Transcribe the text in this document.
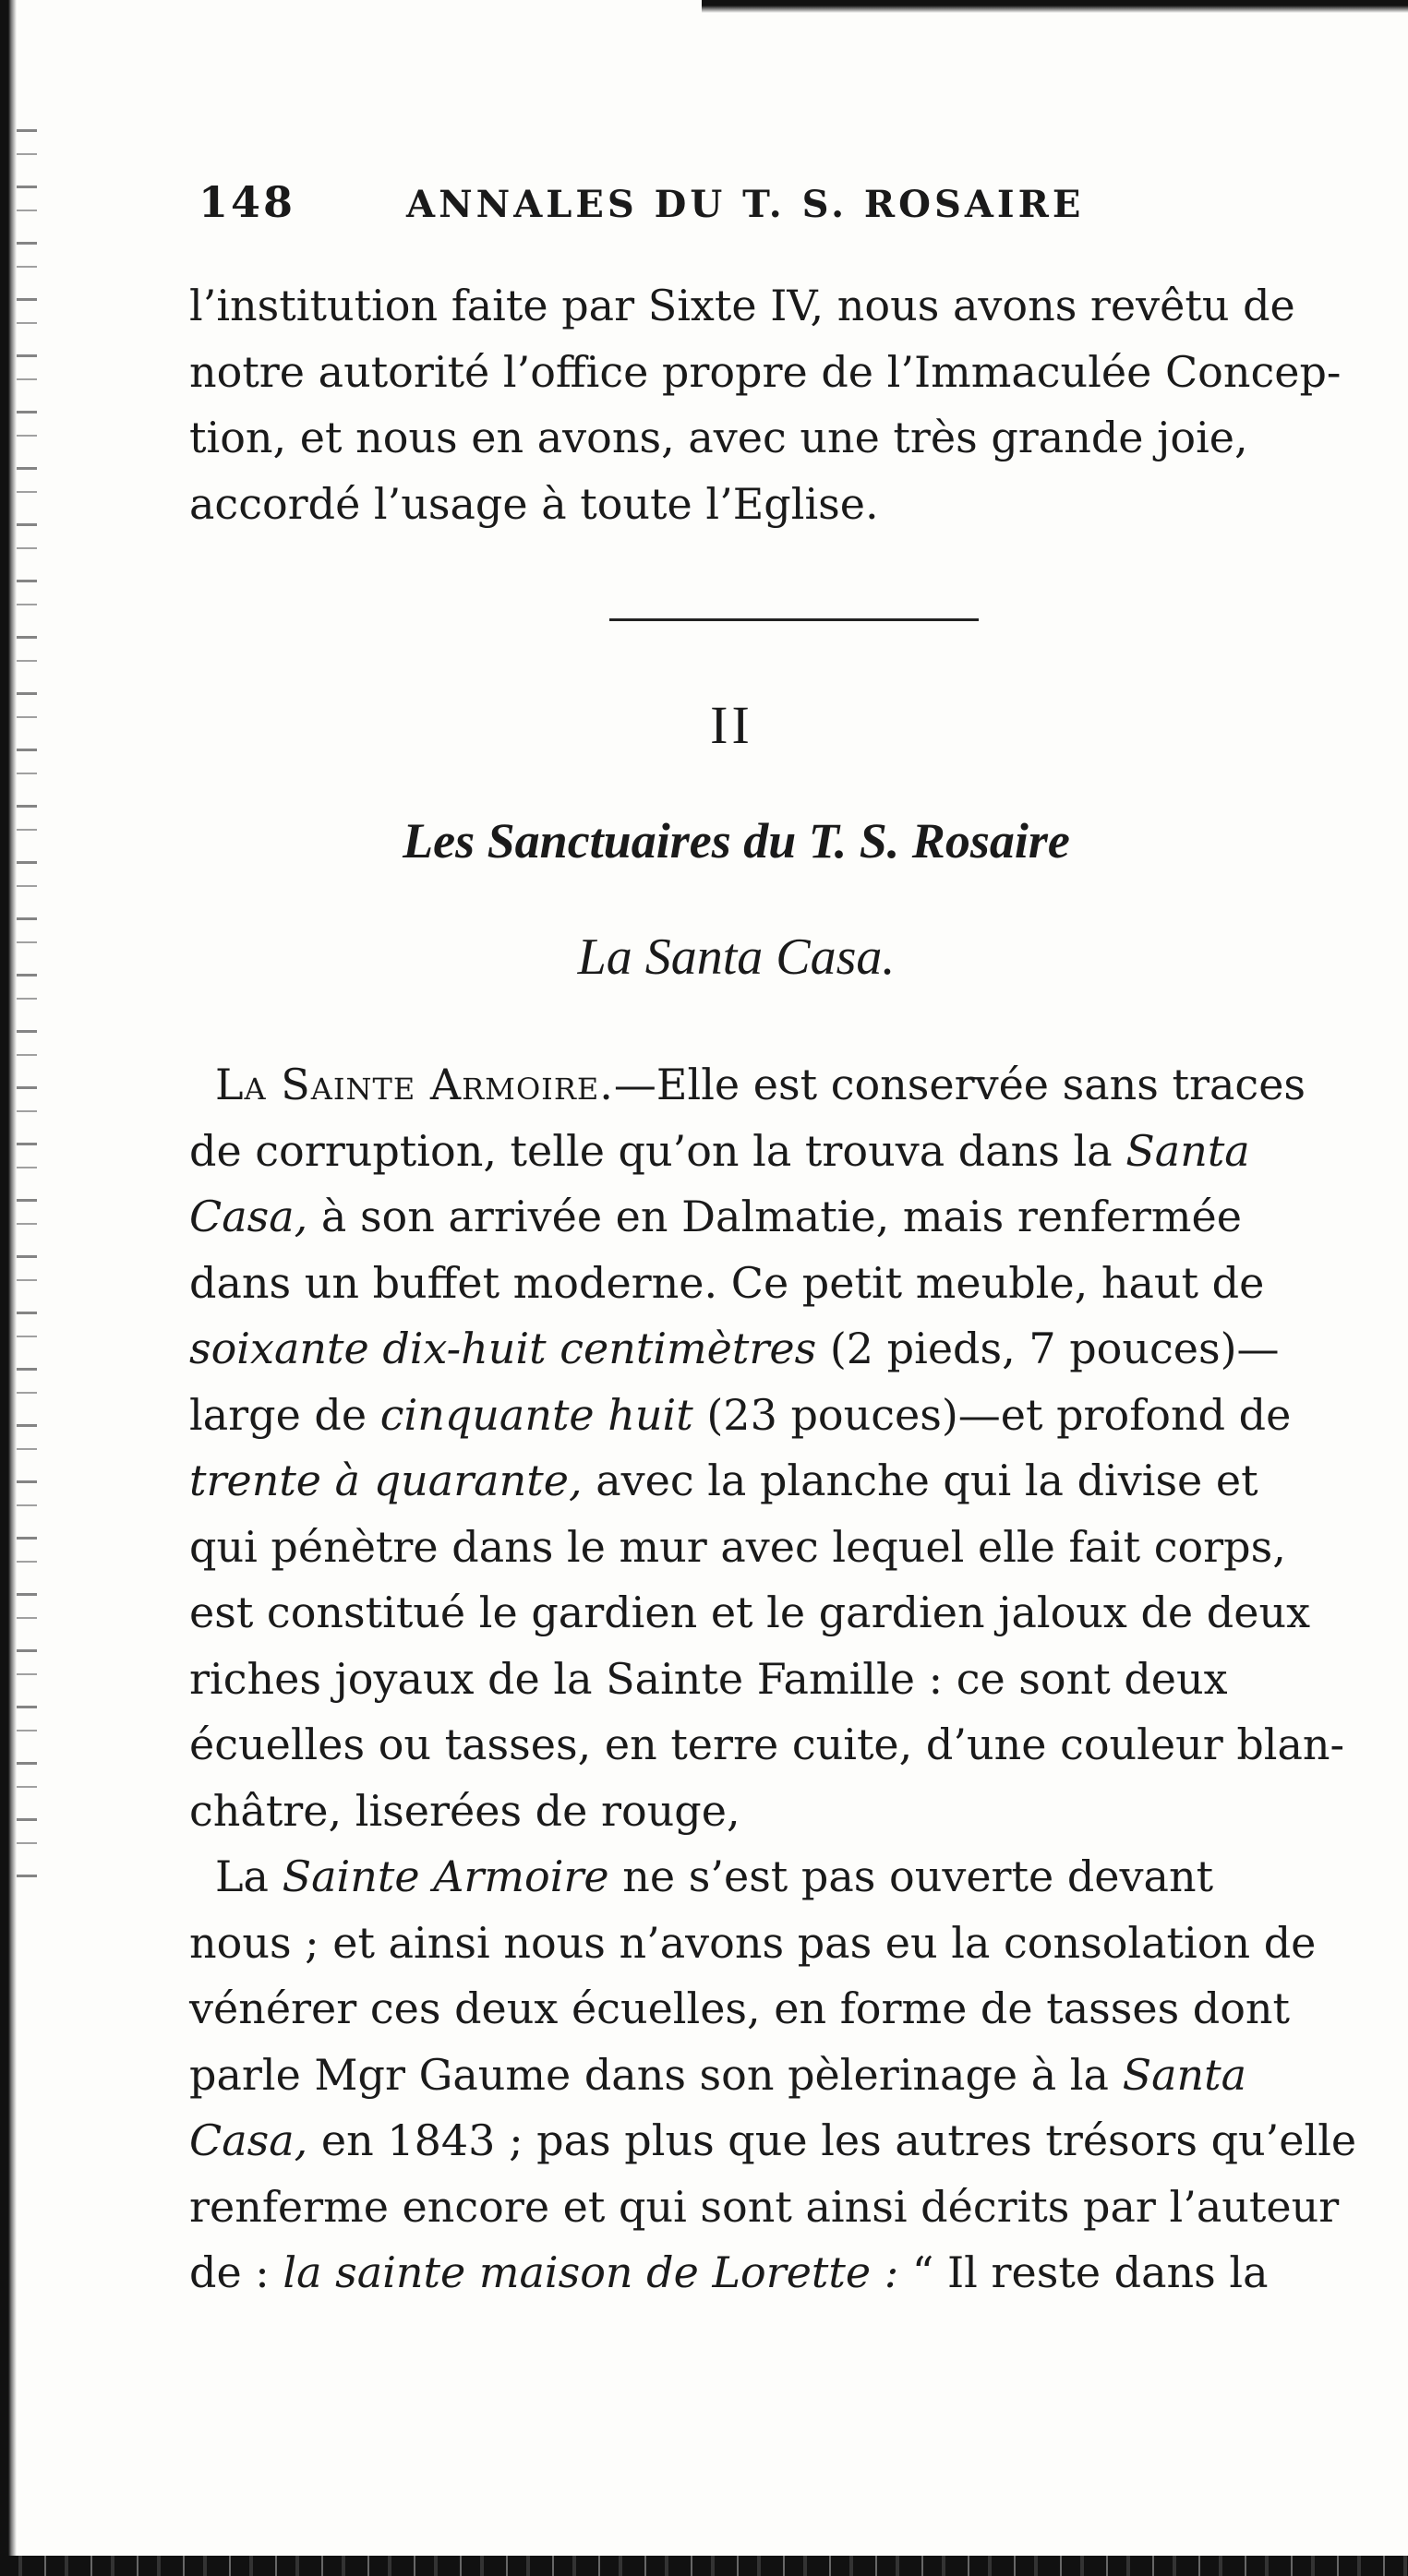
148	ANNALES DU T. S. ROSAIRE

l’institution faite par Sixte IV, nous avons revêtu de

notre autorité l’office propre de l’Immaculée Concep-

tion, et nous en avons, avec une très grande joie,

accordé l’usage à toute l’Eglise.

II
Les Sanctuaires du T. S. Rosaire
La Santa Casa.

La Sainte Armoire.—Elle est conservée sans traces

de corruption, telle qu’on la trouva dans la Santa

Casa, à son arrivée en Dalmatie, mais renfermée

dans un buffet moderne. Ce petit meuble, haut de

soixante dix-huit centimètres (2 pieds, 7 pouces)—

large de cinquante huit (23 pouces)—et profond de

trente à quarante, avec la planche qui la divise et

qui pénètre dans le mur avec lequel elle fait corps,

est constitué le gardien et le gardien jaloux de deux

riches joyaux de la Sainte Famille : ce sont deux

écuelles ou tasses, en terre cuite, d’une couleur blan-

châtre, liserées de rouge,

La Sainte Armoire ne s’est pas ouverte devant

nous ; et ainsi nous n’avons pas eu la consolation de

vénérer ces deux écuelles, en forme de tasses dont

parle Mgr Gaume dans son pèlerinage à la Santa

Casa, en 1843 ; pas plus que les autres trésors qu’elle

renferme encore et qui sont ainsi décrits par l’auteur

de : la sainte maison de Lorette : “ Il reste dans la
